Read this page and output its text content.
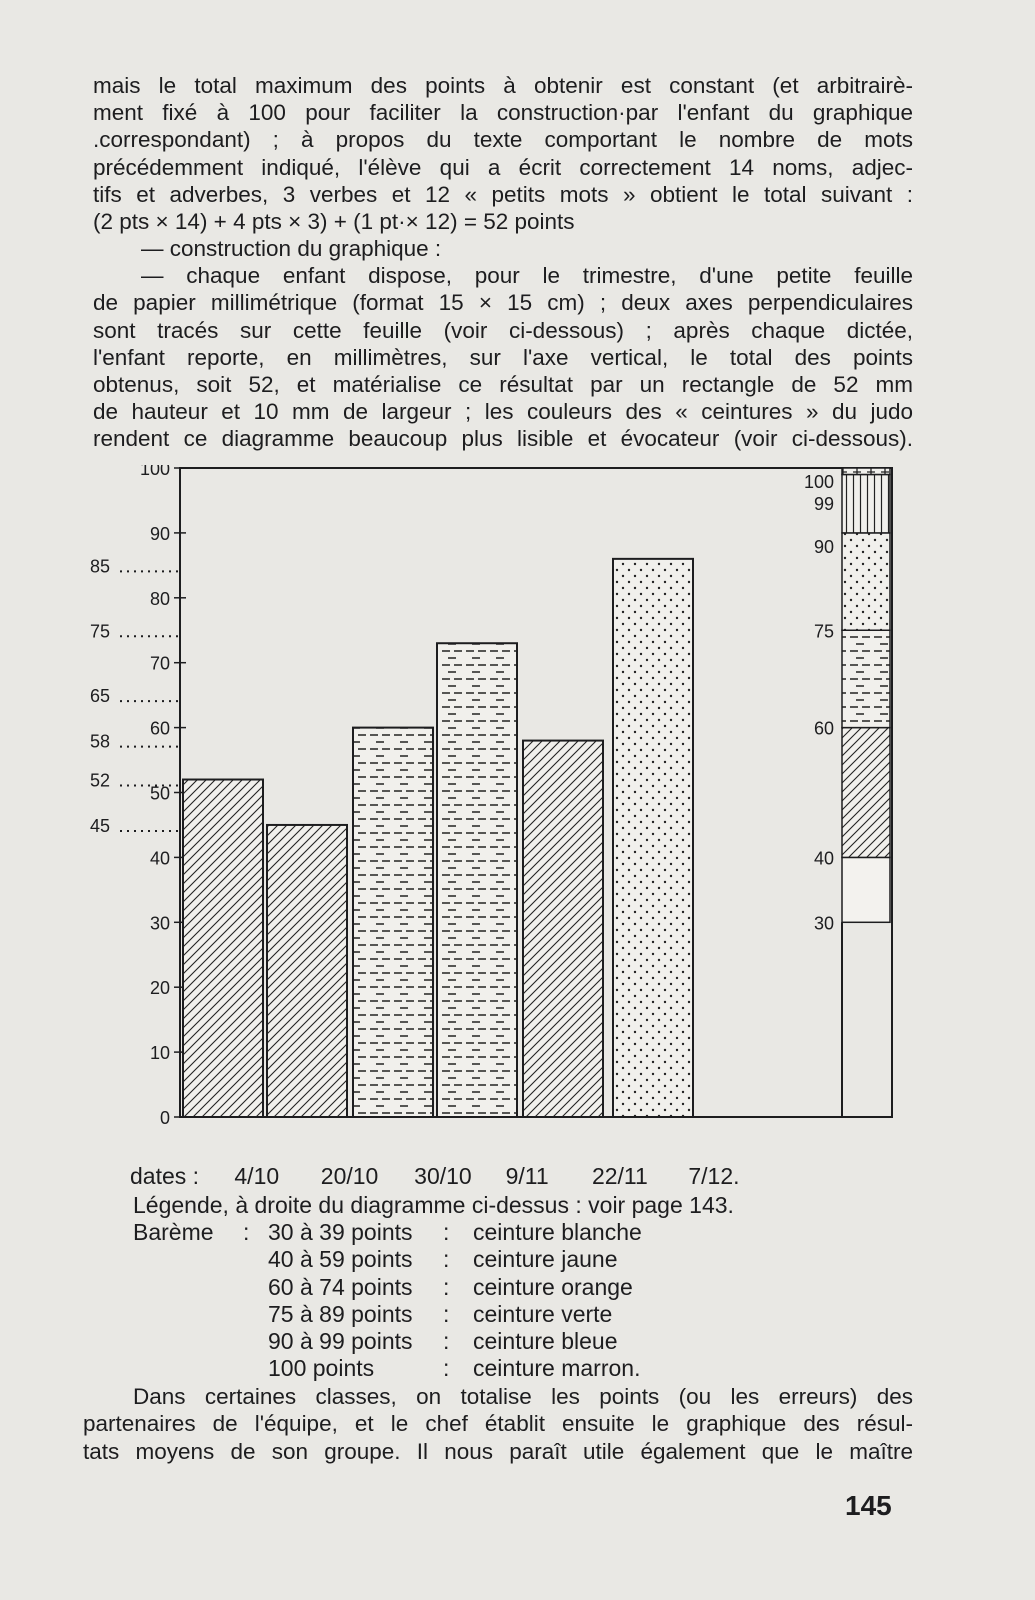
mais le total maximum des points à obtenir est constant (et arbitrairè-
ment fixé à 100 pour faciliter la construction·par l'enfant du graphique
.correspondant) ; à propos du texte comportant le nombre de mots
précédemment indiqué, l'élève qui a écrit correctement 14 noms, adjec-
tifs et adverbes, 3 verbes et 12 « petits mots » obtient le total suivant :
(2 pts × 14) + 4 pts × 3) + (1 pt·× 12) = 52 points
— construction du graphique :
— chaque enfant dispose, pour le trimestre, d'une petite feuille
de papier millimétrique (format 15 × 15 cm) ; deux axes perpendiculaires
sont tracés sur cette feuille (voir ci-dessous) ; après chaque dictée,
l'enfant reporte, en millimètres, sur l'axe vertical, le total des points
obtenus, soit 52, et matérialise ce résultat par un rectangle de 52 mm
de hauteur et 10 mm de largeur ; les couleurs des « ceintures » du judo
rendent ce diagramme beaucoup plus lisible et évocateur (voir ci-dessous).
0
10
20
30
40
50
60
70
80
90
100
45
52
58
65
75
85
100
99
90
75
60
40
30
dates : 4/10 20/10 30/10 9/11 22/11 7/12.
Légende, à droite du diagramme ci-dessus : voir page 143.
Barème	: 30 à 39 points	:	ceinture blanche
40 à 59 points	:	ceinture jaune
60 à 74 points	:	ceinture orange
75 à 89 points	:	ceinture verte
90 à 99 points	:	ceinture bleue
100 points	:	ceinture marron.
Dans certaines classes, on totalise les points (ou les erreurs) des
partenaires de l'équipe, et le chef établit ensuite le graphique des résul-
tats moyens de son groupe. Il nous paraît utile également que le maître
145
